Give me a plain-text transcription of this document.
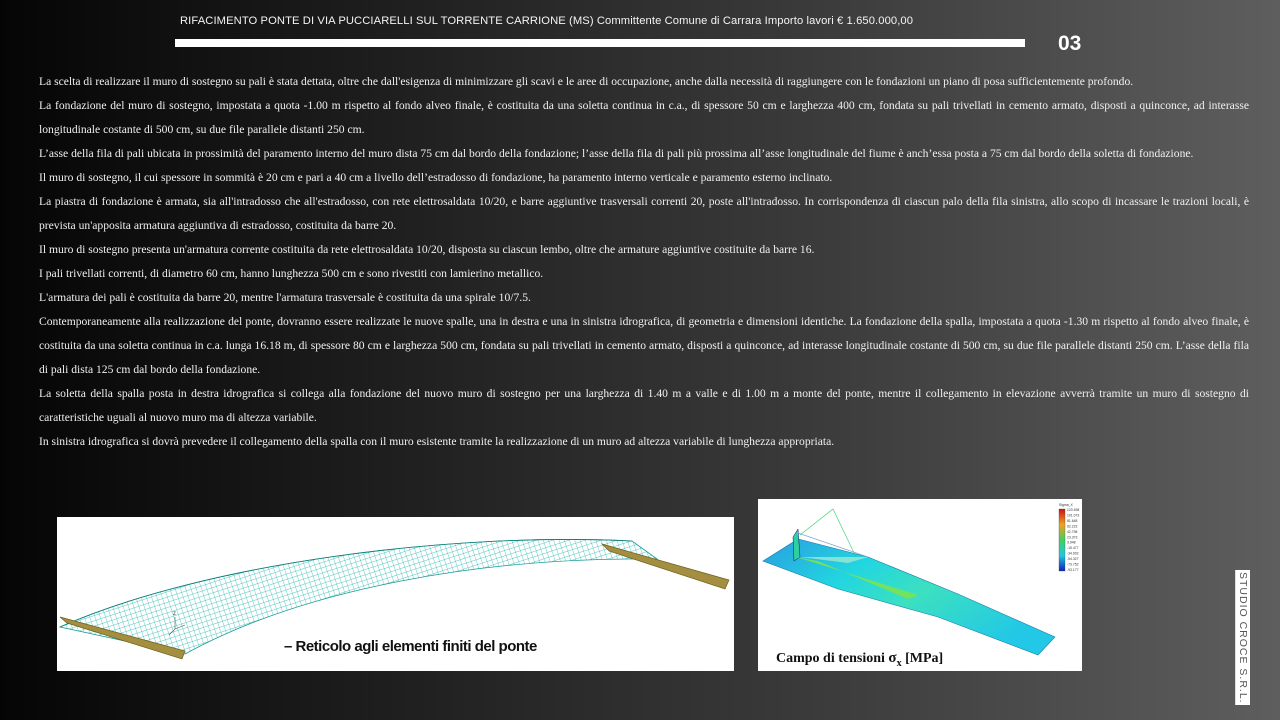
RIFACIMENTO PONTE DI VIA PUCCIARELLI SUL TORRENTE CARRIONE (MS) Committente Comune di Carrara Importo lavori € 1.650.000,00
03

La scelta di realizzare il muro di sostegno su pali è stata dettata, oltre che dall'esigenza di minimizzare gli scavi e le aree di occupazione, anche dalla necessità di raggiungere con le fondazioni un piano di posa sufficientemente profondo.

La fondazione del muro di sostegno, impostata a quota -1.00 m rispetto al fondo alveo finale, è costituita da una soletta continua in c.a., di spessore 50 cm e larghezza 400 cm, fondata su pali trivellati in cemento armato, disposti a quinconce, ad interasse longitudinale costante di 500 cm, su due file parallele distanti 250 cm.

L’asse della fila di pali ubicata in prossimità del paramento interno del muro dista 75 cm dal bordo della fondazione; l’asse della fila di pali più prossima all’asse longitudinale del fiume è anch’essa posta a 75 cm dal bordo della soletta di fondazione.

Il muro di sostegno, il cui spessore in sommità è 20 cm e pari a 40 cm a livello dell’estradosso di fondazione, ha paramento interno verticale e paramento esterno inclinato.

La piastra di fondazione è armata, sia all'intradosso che all'estradosso, con rete elettrosaldata 10/20, e barre aggiuntive trasversali correnti 20, poste all'intradosso. In corrispondenza di ciascun palo della fila sinistra, allo scopo di incassare le trazioni locali, è prevista un'apposita armatura aggiuntiva di estradosso, costituita da barre 20.

Il muro di sostegno presenta un'armatura corrente costituita da rete elettrosaldata 10/20, disposta su ciascun lembo, oltre che armature aggiuntive costituite da barre 16.

I pali trivellati correnti, di diametro 60 cm, hanno lunghezza 500 cm e sono rivestiti con lamierino metallico.

L'armatura dei pali è costituita da barre 20, mentre l'armatura trasversale è costituita da una spirale 10/7.5.

Contemporaneamente alla realizzazione del ponte, dovranno essere realizzate le nuove spalle, una in destra e una in sinistra idrografica, di geometria e dimensioni identiche. La fondazione della spalla, impostata a quota -1.30 m rispetto al fondo alveo finale, è costituita da una soletta continua in c.a. lunga 16.18 m, di spessore 80 cm e larghezza 500 cm, fondata su pali trivellati in cemento armato, disposti a quinconce, ad interasse longitudinale costante di 500 cm, su due file parallele distanti 250 cm. L’asse della fila di pali dista 125 cm dal bordo della fondazione.

La soletta della spalla posta in destra idrografica si collega alla fondazione del nuovo muro di sostegno per una larghezza di 1.40 m a valle e di 1.00 m a monte del ponte, mentre il collegamento in elevazione avverrà tramite un muro di sostegno di caratteristiche uguali al nuovo muro ma di altezza variabile.

In sinistra idrografica si dovrà prevedere il collegamento della spalla con il muro esistente tramite la realizzazione di un muro ad altezza variabile di lunghezza appropriata.

z
– Reticolo agli elementi finiti del ponte
120.498
101.073
81.648
62.223
42.798
23.373
3.948
-15.477
-34.902
-54.327
-73.752
-93.177
Sigma_X
Campo di tensioni $\sigma_x$ [MPa]	STUDIO CROCE S.R.L.
